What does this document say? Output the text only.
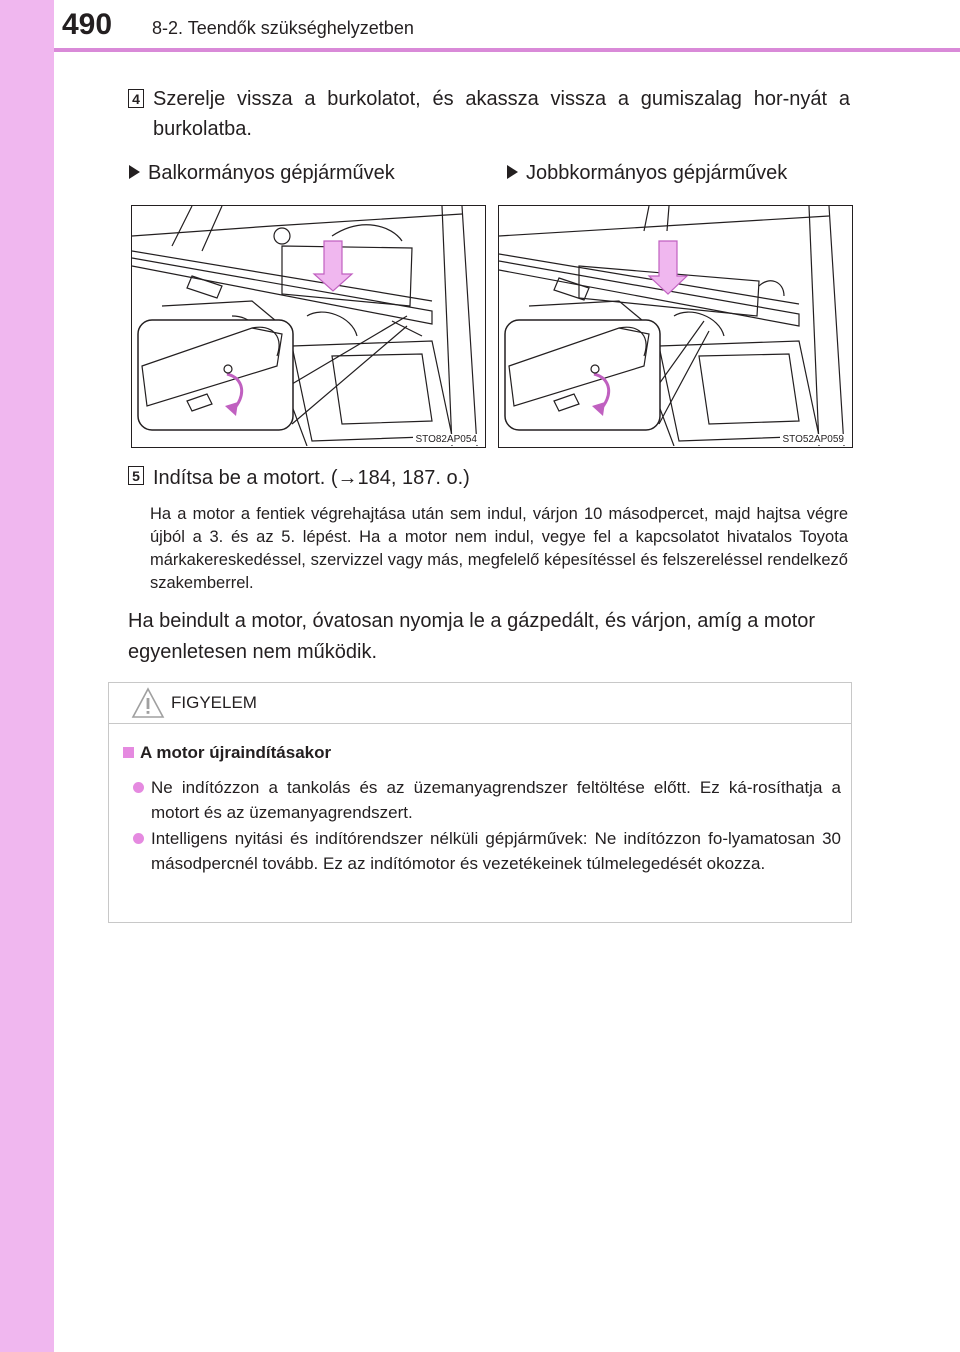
490 8-2. Teendők szükséghelyzetben
4 Szerelje vissza a burkolatot, és akassza vissza a gumiszalag hor-nyát a burkolatba.
Balkormányos gépjárművek	Jobbkormányos gépjárművek
STO82AP054	STO52AP059
5 Indítsa be a motort. (→184, 187. o.)
Ha a motor a fentiek végrehajtása után sem indul, várjon 10 másodpercet, majd hajtsa végre újból a 3. és az 5. lépést. Ha a motor nem indul, vegye fel a kapcsolatot hivatalos Toyota márkakereskedéssel, szervizzel vagy más, megfelelő képesítéssel és felszereléssel rendelkező szakemberrel.
Ha beindult a motor, óvatosan nyomja le a gázpedált, és várjon, amíg a motor egyenletesen nem működik.
FIGYELEM
A motor újraindításakor
Ne indítózzon a tankolás és az üzemanyagrendszer feltöltése előtt. Ez ká-rosíthatja a motort és az üzemanyagrendszert.
Intelligens nyitási és indítórendszer nélküli gépjárművek: Ne indítózzon fo-lyamatosan 30 másodpercnél tovább. Ez az indítómotor és vezetékeinek túlmelegedését okozza.
